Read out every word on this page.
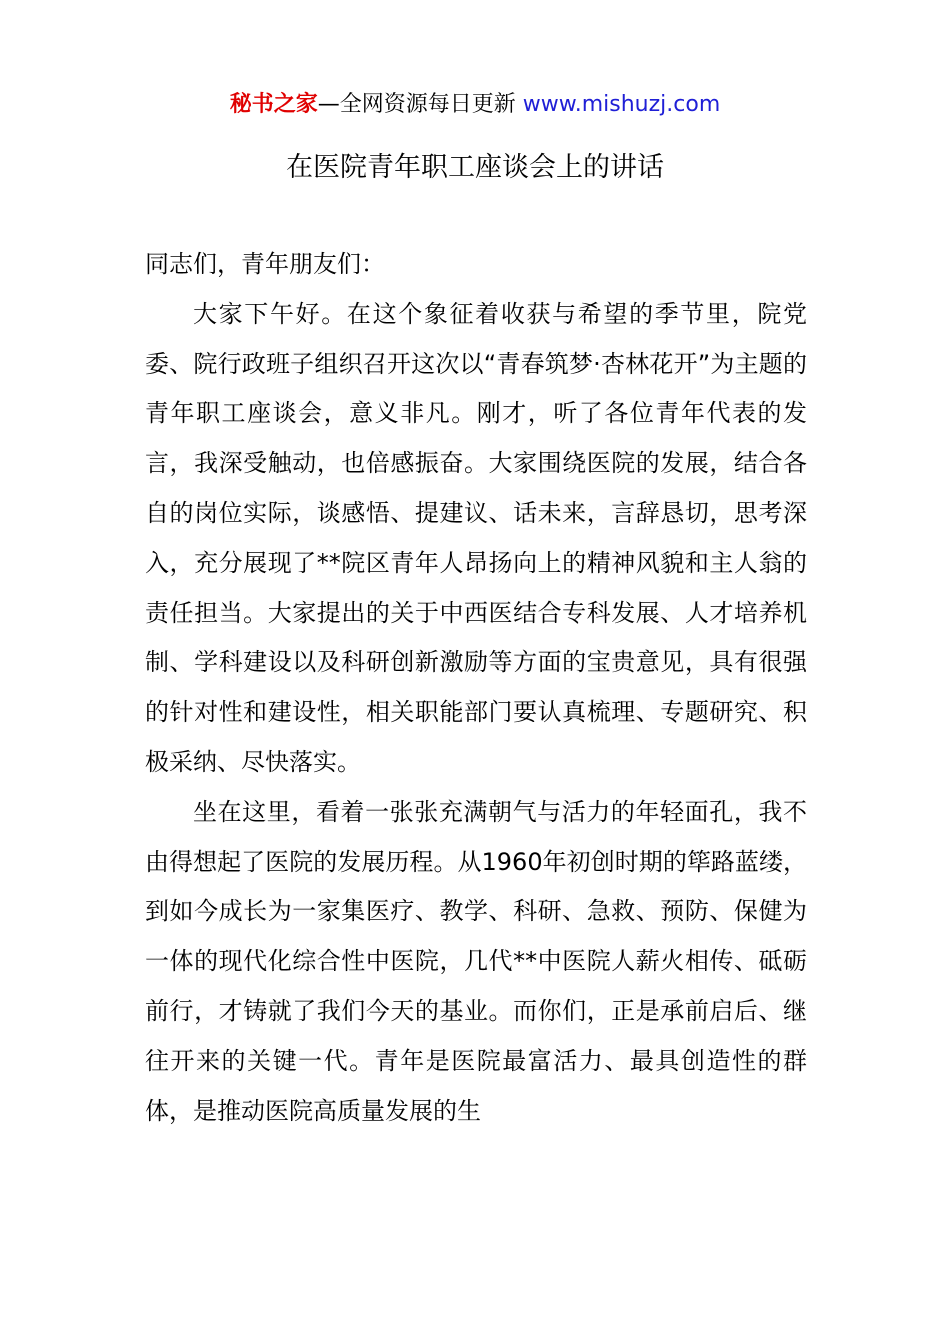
秘书之家—全网资源每日更新 www.mishuzj.com
在医院青年职工座谈会上的讲话

同志们，青年朋友们：

大家下午好。在这个象征着收获与希望的季节里，院党委、院行政班子组织召开这次以“青春筑梦·杏林花开”为主题的青年职工座谈会，意义非凡。刚才，听了各位青年代表的发言，我深受触动，也倍感振奋。大家围绕医院的发展，结合各自的岗位实际，谈感悟、提建议、话未来，言辞恳切，思考深入，充分展现了**院区青年人昂扬向上的精神风貌和主人翁的责任担当。大家提出的关于中西医结合专科发展、人才培养机制、学科建设以及科研创新激励等方面的宝贵意见，具有很强的针对性和建设性，相关职能部门要认真梳理、专题研究、积极采纳、尽快落实。

坐在这里，看着一张张充满朝气与活力的年轻面孔，我不由得想起了医院的发展历程。从1960年初创时期的筚路蓝缕，到如今成长为一家集医疗、教学、科研、急救、预防、保健为一体的现代化综合性中医院，几代**中医院人薪火相传、砥砺前行，才铸就了我们今天的基业。而你们，正是承前启后、继往开来的关键一代。青年是医院最富活力、最具创造性的群体，是推动医院高质量发展的生
